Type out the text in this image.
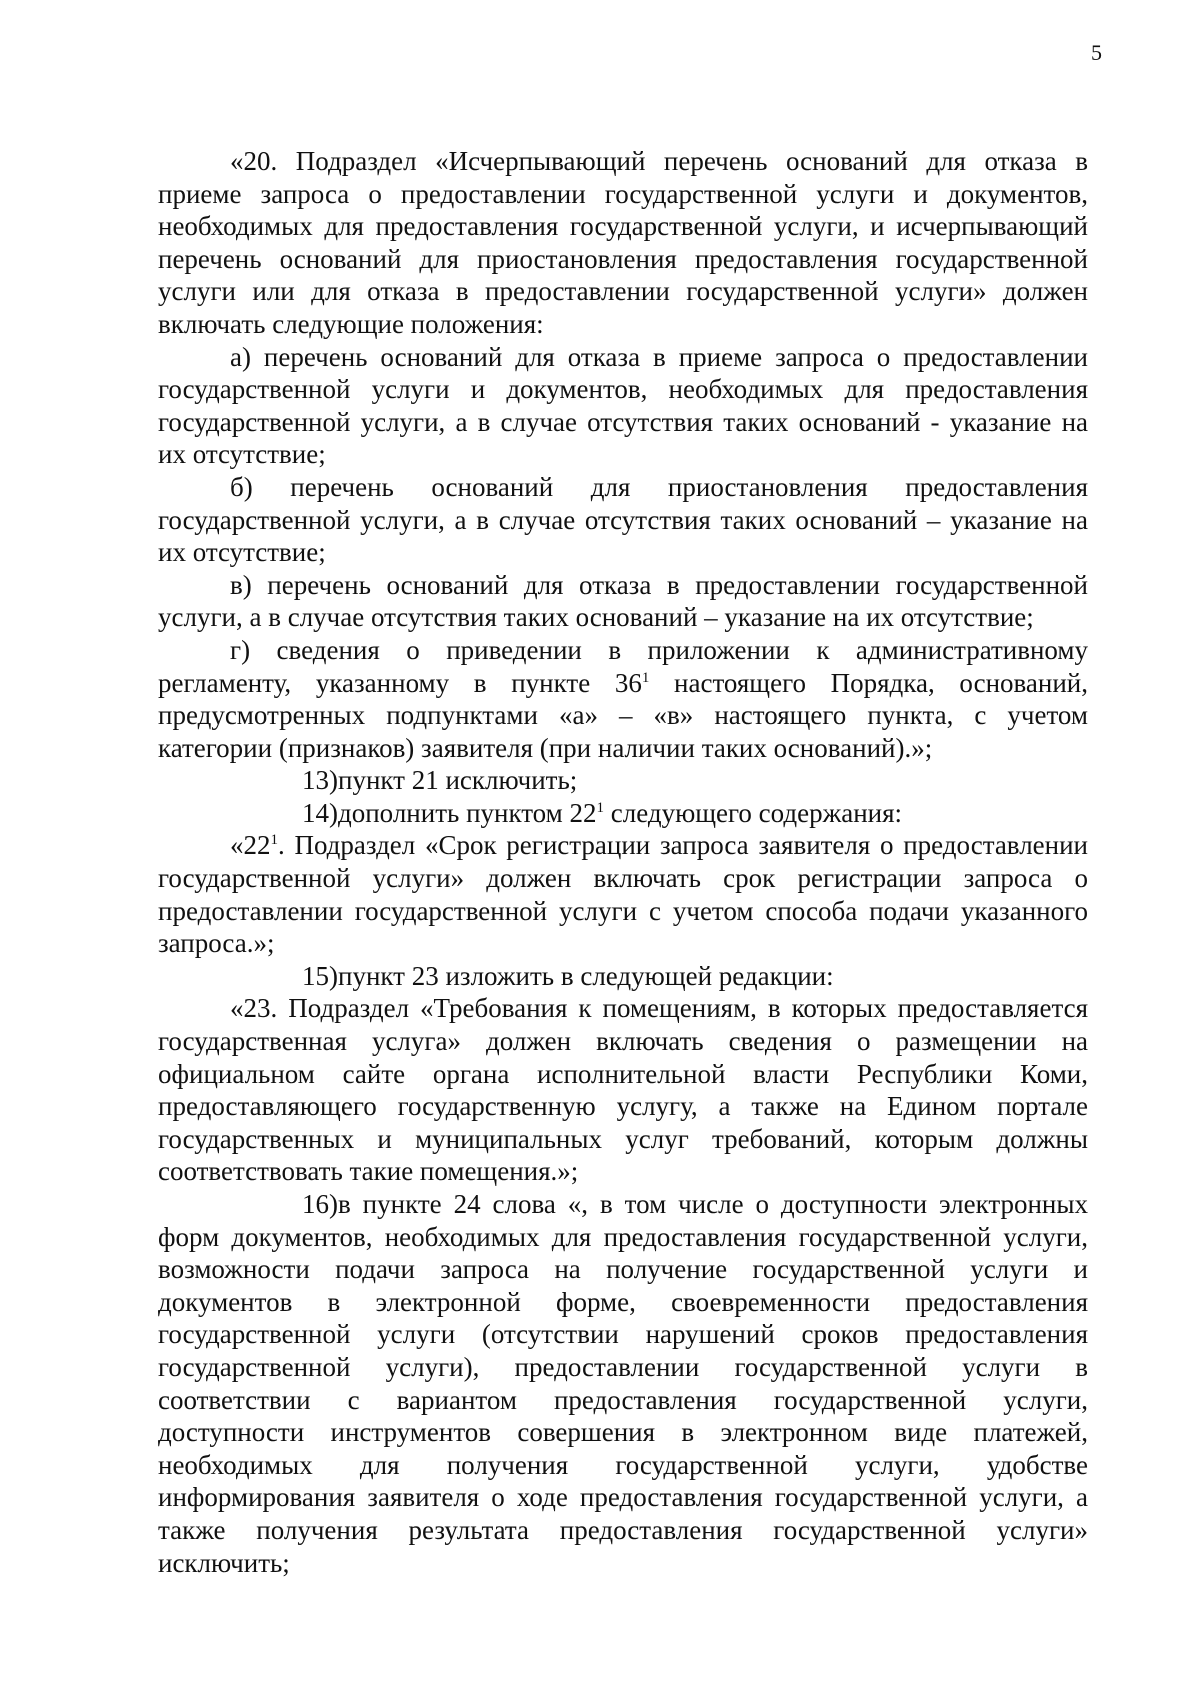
5

«20. Подраздел «Исчерпывающий перечень оснований для отказа в приеме запроса о предоставлении государственной услуги и документов, необходимых для предоставления государственной услуги, и исчерпывающий перечень оснований для приостановления предоставления государственной услуги или для отказа в предоставлении государственной услуги» должен включать следующие положения:

а) перечень оснований для отказа в приеме запроса о предоставлении государственной услуги и документов, необходимых для предоставления государственной услуги, а в случае отсутствия таких оснований - указание на их отсутствие;

б) перечень оснований для приостановления предоставления государственной услуги, а в случае отсутствия таких оснований – указание на их отсутствие;

в) перечень оснований для отказа в предоставлении государственной услуги, а в случае отсутствия таких оснований – указание на их отсутствие;

г) сведения о приведении в приложении к административному регламенту, указанному в пункте $36^1$ настоящего Порядка, оснований, предусмотренных подпунктами «а» – «в» настоящего пункта, с учетом категории (признаков) заявителя (при наличии таких оснований).»;

13)пункт 21 исключить;

14)дополнить пунктом $22^1$ следующего содержания:

«$22^1$. Подраздел «Срок регистрации запроса заявителя о предоставлении государственной услуги» должен включать срок регистрации запроса о предоставлении государственной услуги с учетом способа подачи указанного запроса.»;

15)пункт 23 изложить в следующей редакции:

«23. Подраздел «Требования к помещениям, в которых предоставляется государственная услуга» должен включать сведения о размещении на официальном сайте органа исполнительной власти Республики Коми, предоставляющего государственную услугу, а также на Едином портале государственных и муниципальных услуг требований, которым должны соответствовать такие помещения.»;

16)в пункте 24 слова «, в том числе о доступности электронных форм документов, необходимых для предоставления государственной услуги, возможности подачи запроса на получение государственной услуги и документов в электронной форме, своевременности предоставления государственной услуги (отсутствии нарушений сроков предоставления государственной услуги), предоставлении государственной услуги в соответствии с вариантом предоставления государственной услуги, доступности инструментов совершения в электронном виде платежей, необходимых для получения государственной услуги, удобстве информирования заявителя о ходе предоставления государственной услуги, а также получения результата предоставления государственной услуги» исключить;
